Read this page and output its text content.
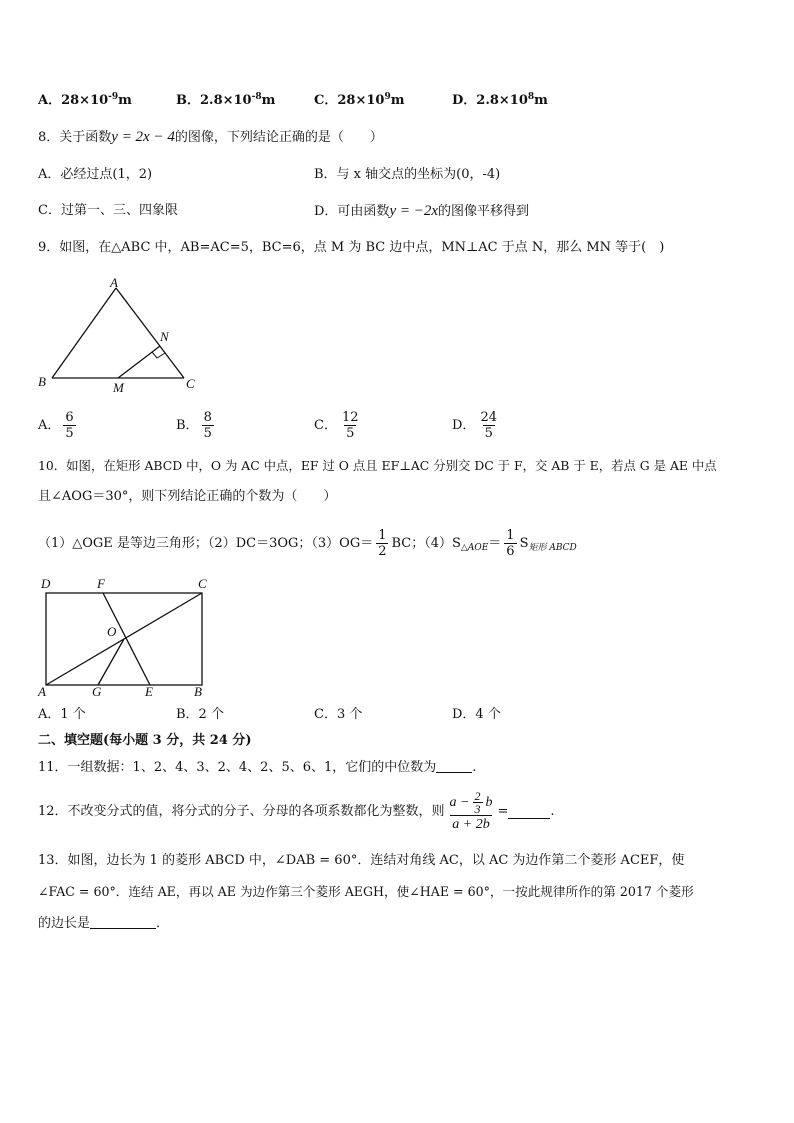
A．$28\times 10^{-9}m$	B．$2.8\times 10^{-8}m$	C．$28\times 10^9m$	D．$2.8\times 10^8m$
8．关于函数y = 2x − 4的图像，下列结论正确的是（　　）
A．必经过点(1，2)	B．与 x 轴交点的坐标为(0，-4)
C．过第一、三、四象限	D．可由函数y = −2x的图像平移得到
9．如图，在△ABC 中，AB=AC=5，BC=6，点 M 为 BC 边中点，MN⊥AC 于点 N，那么 MN 等于(　)
A
B	C
M
N
A． $\frac{6}{5}$	B． $\frac{8}{5}$	C． $\frac{12}{5}$	D． $\frac{24}{5}$
10．如图，在矩形 ABCD 中，O 为 AC 中点，EF 过 O 点且 EF⊥AC 分别交 DC 于 F，交 AB 于 E，若点 G 是 AE 中点
且∠AOG＝30°，则下列结论正确的个数为（　　）
（1）△OGE 是等边三角形；（2）DC＝3OG；$(3)OG= \frac{1}{2}$ BC；$(4)S_{\triangle AOE}= \frac{1}{6} S_{矩形 ABCD}$
D	F	C
O
A	G	E	B
A．1 个	B．2 个	C．3 个	D．4 个
二、填空题(每小题 3 分，共 24 分)
11．一组数据：1、2、4、3、2、4、2、5、6、1，它们的中位数为	.
12．不改变分式的值，将分式的分子、分母的各项系数都化为整数，则 $\frac{a - \frac{2}{3} b}{a + 2b}$ =	.
13．如图，边长为 1 的菱形 ABCD 中，∠DAB = 60°．连结对角线 AC，以 AC 为边作第二个菱形 ACEF，使
∠FAC = 60°．连结 AE，再以 AE 为边作第三个菱形 AEGH，使∠HAE = 60°，一按此规律所作的第 2017 个菱形
的边长是	．
